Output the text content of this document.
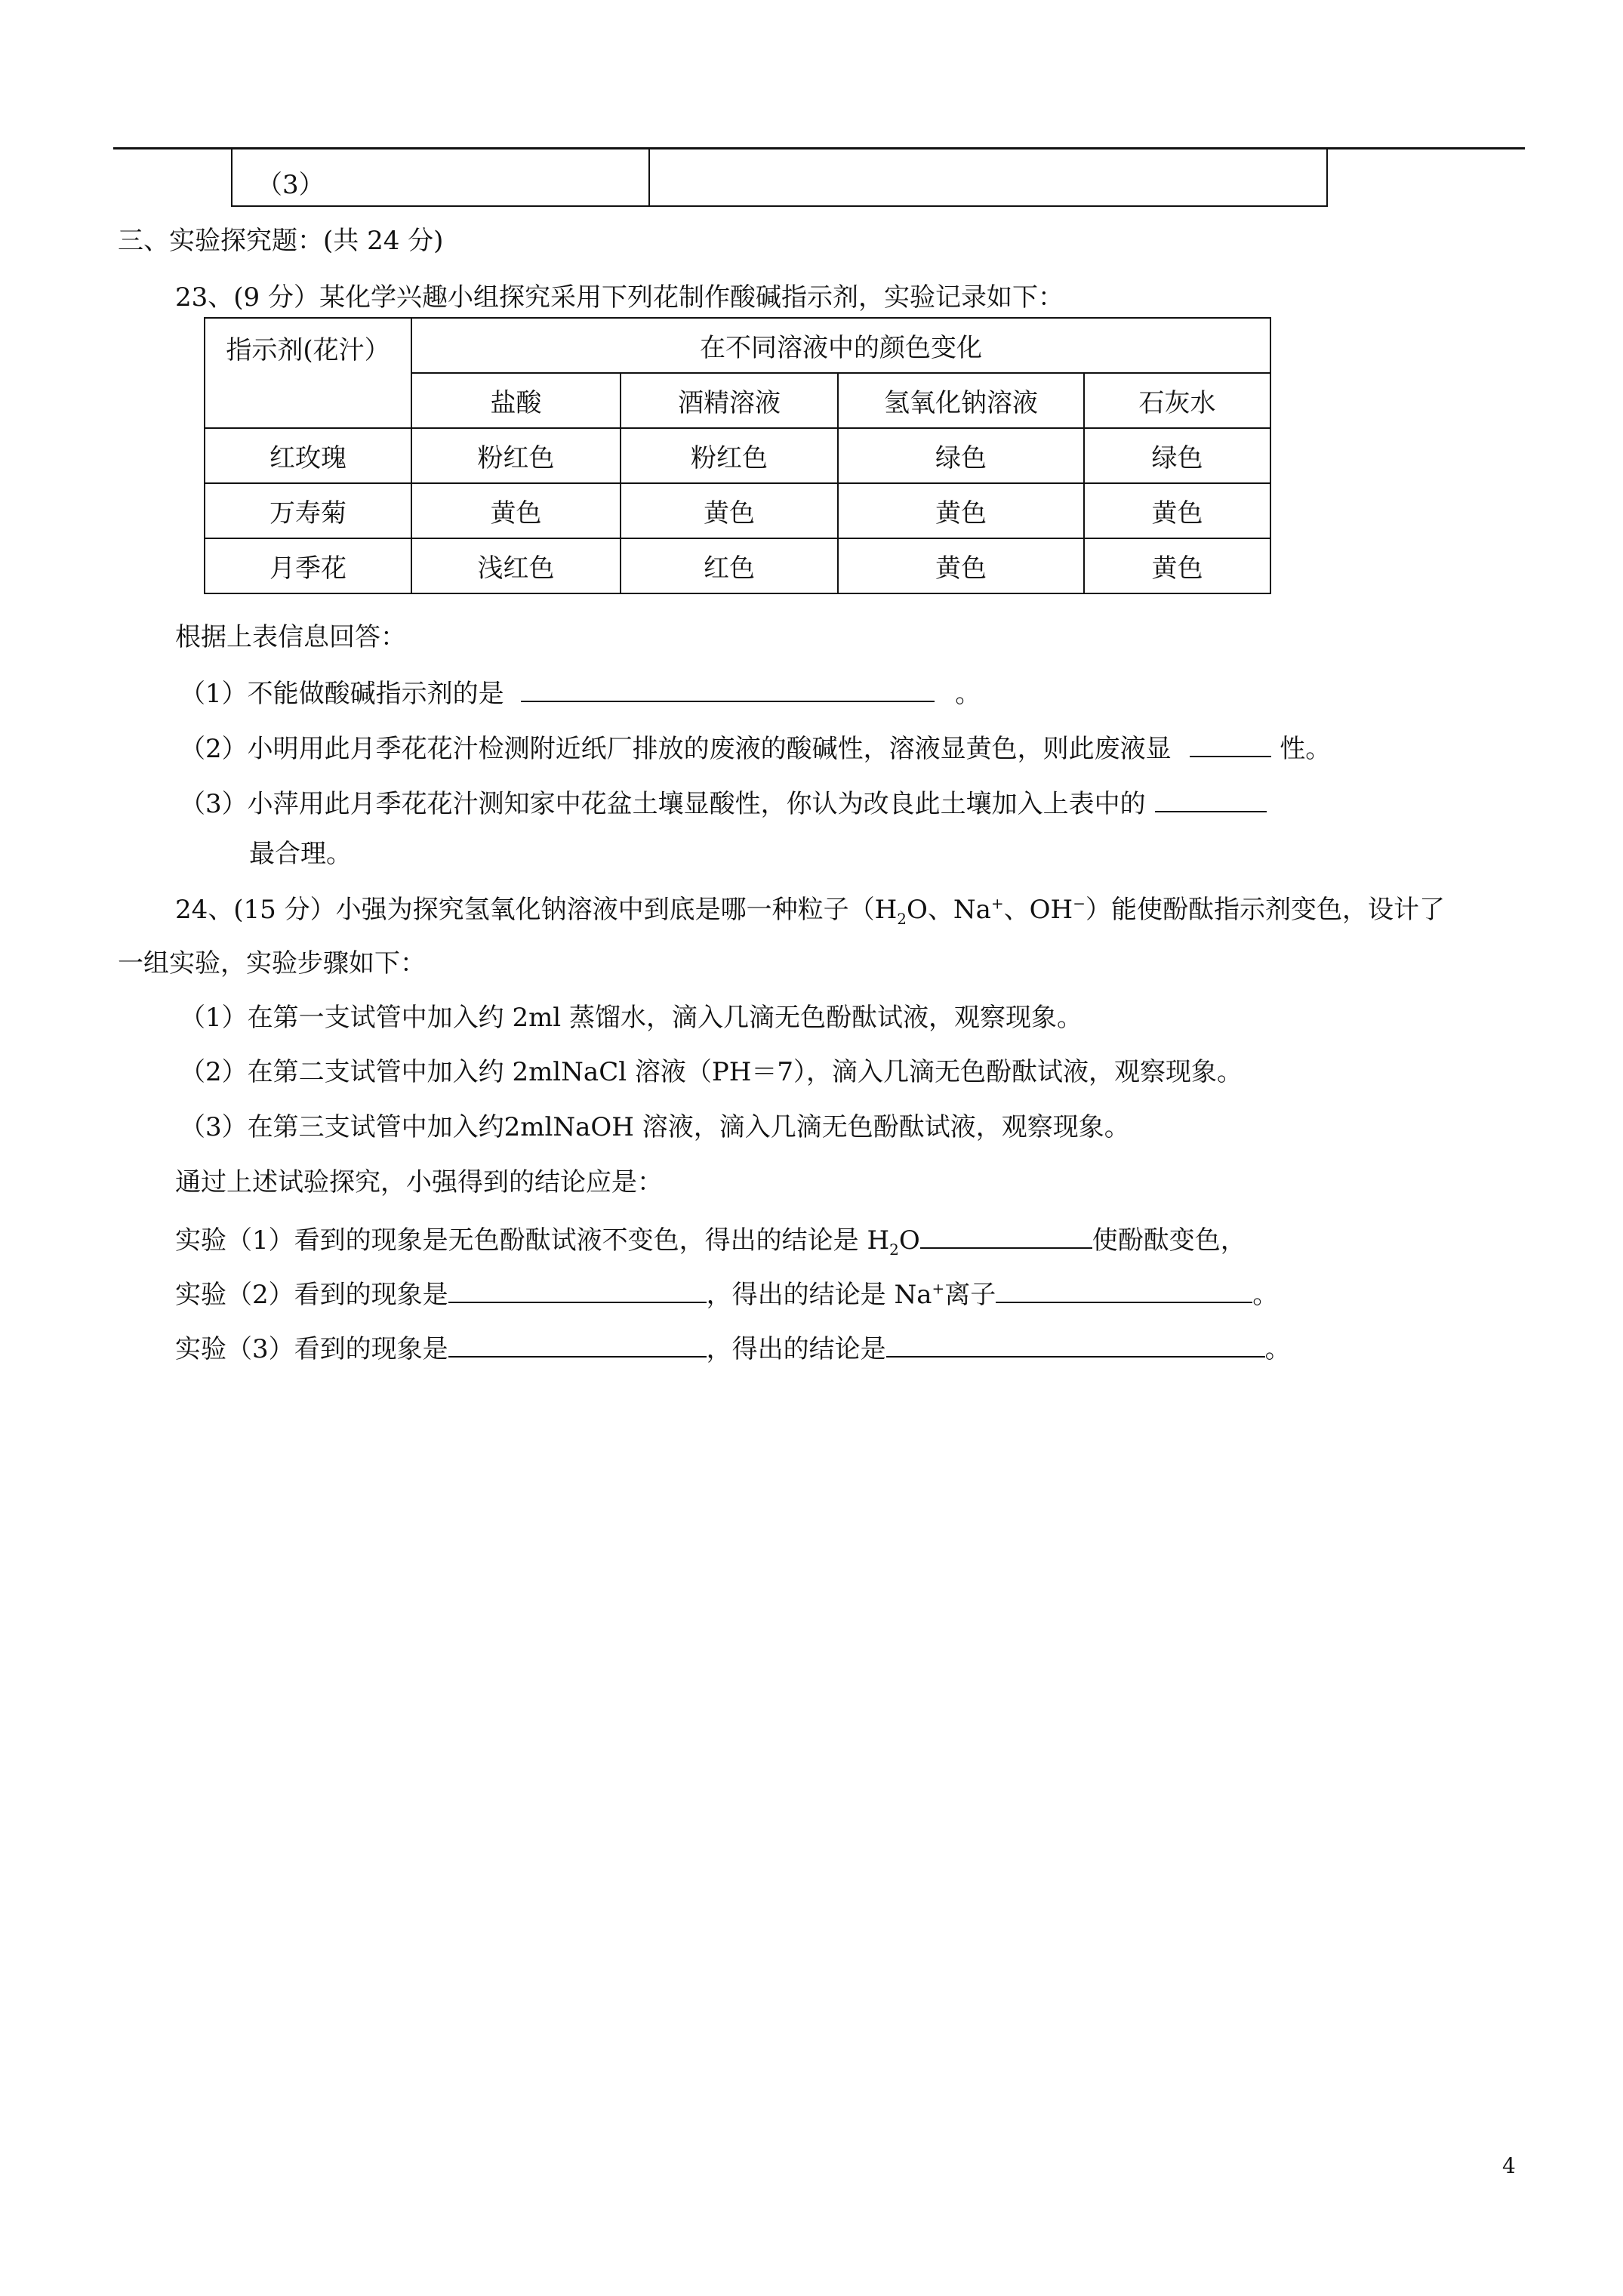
（3）
三、实验探究题：(共 24 分)
23、(9 分）某化学兴趣小组探究采用下列花制作酸碱指示剂，实验记录如下：
指示剂(花汁）	在不同溶液中的颜色变化			
	盐酸	酒精溶液	氢氧化钠溶液	石灰水
红玫瑰	粉红色	粉红色	绿色	绿色
万寿菊	黄色	黄色	黄色	黄色
月季花	浅红色	红色	黄色	黄色
根据上表信息回答：
（1）不能做酸碱指示剂的是	。
（2）小明用此月季花花汁检测附近纸厂排放的废液的酸碱性，溶液显黄色，则此废液显	性。
（3）小萍用此月季花花汁测知家中花盆土壤显酸性，你认为改良此土壤加入上表中的
最合理。
24、(15 分）小强为探究氢氧化钠溶液中到底是哪一种粒子（$H_2O$、Na+、OH−）能使酚酞指示剂变色，设计了
一组实验，实验步骤如下：
（1）在第一支试管中加入约 2ml 蒸馏水，滴入几滴无色酚酞试液，观察现象。
（2）在第二支试管中加入约 2mlNaCl 溶液（PH＝7），滴入几滴无色酚酞试液，观察现象。
（3）在第三支试管中加入约2mlNaOH 溶液，滴入几滴无色酚酞试液，观察现象。
通过上述试验探究，小强得到的结论应是：
实验（1）看到的现象是无色酚酞试液不变色，得出的结论是 $H_2O$	使酚酞变色，
实验（2）看到的现象是	，得出的结论是 Na+离子	。
实验（3）看到的现象是	，得出的结论是	。
4
